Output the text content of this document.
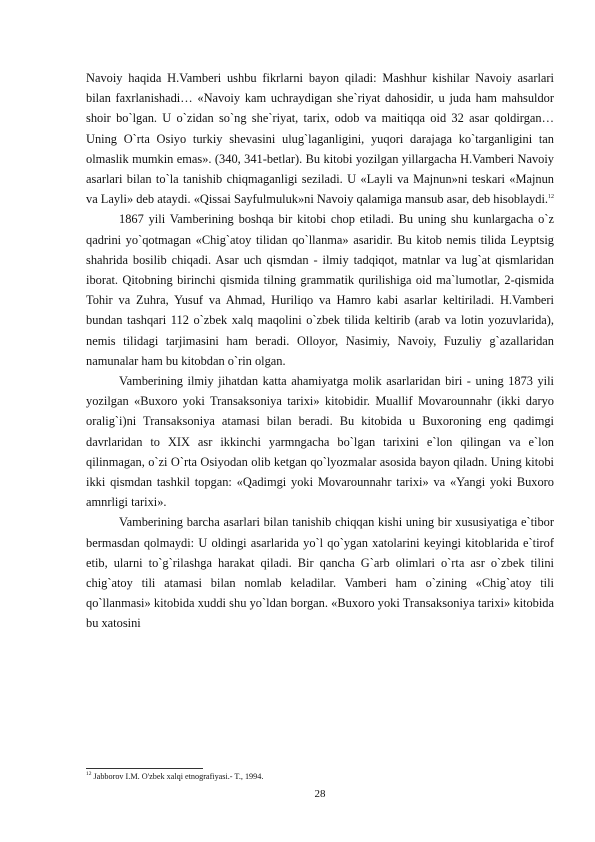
Navoiy haqida H.Vamberi ushbu fikrlarni bayon qiladi: Mashhur kishilar Navoiy asarlari bilan faxrlanishadi… «Navoiy kam uchraydigan she`riyat dahosidir, u juda ham mahsuldor shoir bo`lgan. U o`zidan so`ng she`riyat, tarix, odob va maitiqqa oid 32 asar qoldirgan… Uning O`rta Osiyo turkiy shevasini ulug`laganligini, yuqori darajaga ko`targanligini tan olmaslik mumkin emas». (340, 341-betlar). Bu kitobi yozilgan yillargacha H.Vamberi Navoiy asarlari bilan to`la tanishib chiqmaganligi seziladi. U «Layli va Majnun»ni teskari «Majnun va Layli» deb ataydi. «Qissai Sayfulmuluk»ni Navoiy qalamiga mansub asar, deb hisoblaydi.$^{12}$

1867 yili Vamberining boshqa bir kitobi chop etiladi. Bu uning shu kunlargacha o`z qadrini yo`qotmagan «Chig`atoy tilidan qo`llanma» asaridir. Bu kitob nemis tilida Leyptsig shahrida bosilib chiqadi. Asar uch qismdan - ilmiy tadqiqot, matnlar va lug`at qismlaridan iborat. Qitobning birinchi qismida tilning grammatik qurilishiga oid ma`lumotlar, 2-qismida Tohir va Zuhra, Yusuf va Ahmad, Huriliqo va Hamro kabi asarlar keltiriladi. H.Vamberi bundan tashqari 112 o`zbek xalq maqolini o`zbek tilida keltirib (arab va lotin yozuvlarida), nemis tilidagi tarjimasini ham beradi. Olloyor, Nasimiy, Navoiy, Fuzuliy g`azallaridan namunalar ham bu kitobdan o`rin olgan.

Vamberining ilmiy jihatdan katta ahamiyatga molik asarlaridan biri - uning 1873 yili yozilgan «Buxoro yoki Transaksoniya tarixi» kitobidir. Muallif Movarounnahr (ikki daryo oralig`i)ni Transaksoniya atamasi bilan beradi. Bu kitobida u Buxoroning eng qadimgi davrlaridan to XIX asr ikkinchi yarmngacha bo`lgan tarixini e`lon qilingan va e`lon qilinmagan, o`zi O`rta Osiyodan olib ketgan qo`lyozmalar asosida bayon qiladn. Uning kitobi ikki qismdan tashkil topgan: «Qadimgi yoki Movarounnahr tarixi» va «Yangi yoki Buxoro amnrligi tarixi».

Vamberining barcha asarlari bilan tanishib chiqqan kishi uning bir xususiyatiga e`tibor bermasdan qolmaydi: U oldingi asarlarida yo`l qo`ygan xatolarini keyingi kitoblarida e`tirof etib, ularni to`g`rilashga harakat qiladi. Bir qancha G`arb olimlari o`rta asr o`zbek tilini chig`atoy tili atamasi bilan nomlab keladilar. Vamberi ham o`zining «Chig`atoy tili qo`llanmasi» kitobida xuddi shu yo`ldan borgan. «Buxoro yoki Transaksoniya tarixi» kitobida bu xatosini

$^{12}$ Jabborov I.M. O'zbek xalqi etnografiyasi.- T., 1994.
28
